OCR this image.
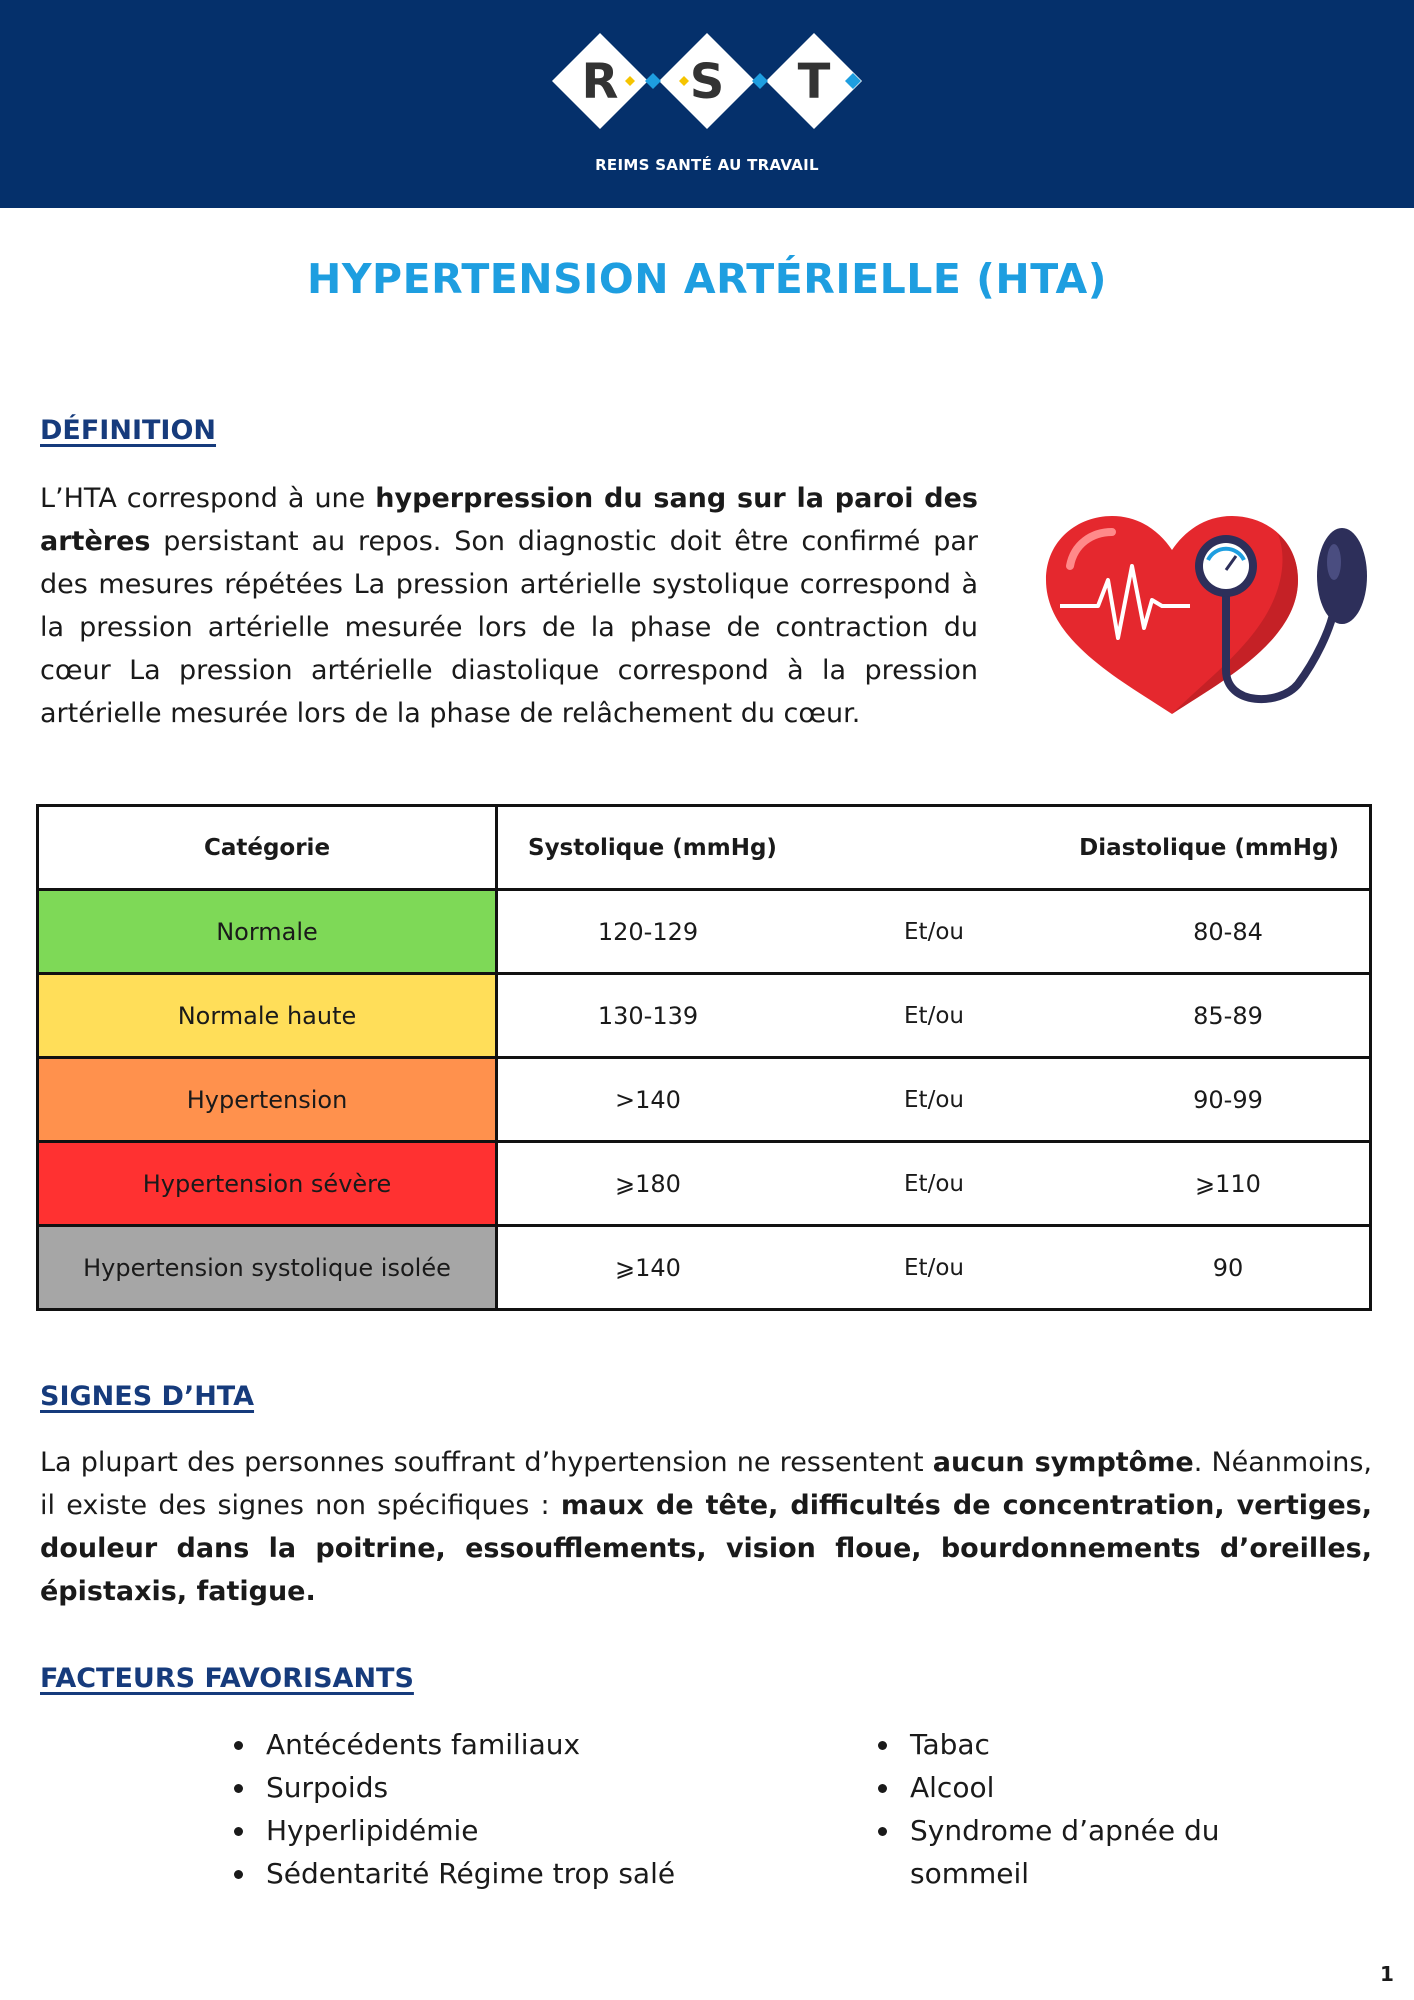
R S T
REIMS SANTÉ AU TRAVAIL
HYPERTENSION ARTÉRIELLE (HTA)
DÉFINITION

L’HTA correspond à une hyperpression du sang sur la paroi des artères persistant au repos. Son diagnostic doit être confirmé par des mesures répétées La pression artérielle systolique correspond à la pression artérielle mesurée lors de la phase de contraction du cœur La pression artérielle diastolique correspond à la pression artérielle mesurée lors de la phase de relâchement du cœur.

Catégorie	Systolique (mmHg) Diastolique (mmHg)

Normale	120-129 Et/ou 80-84

Normale haute	130-139 Et/ou 85-89

Hypertension	>140 Et/ou 90-99

Hypertension sévère	⩾180 Et/ou ⩾110

Hypertension systolique isolée	⩾140 Et/ou 90
SIGNES D’HTA

La plupart des personnes souffrant d’hypertension ne ressentent aucun symptôme. Néanmoins, il existe des signes non spécifiques : maux de tête, difficultés de concentration, vertiges, douleur dans la poitrine, essoufflements, vision floue, bourdonnements d’oreilles, épistaxis, fatigue.

FACTEURS FAVORISANTS
• Antécédents familiaux
• Surpoids
• Hyperlipidémie
• Sédentarité Régime trop salé
• Tabac
• Alcool
• Syndrome d’apnée du sommeil
1
